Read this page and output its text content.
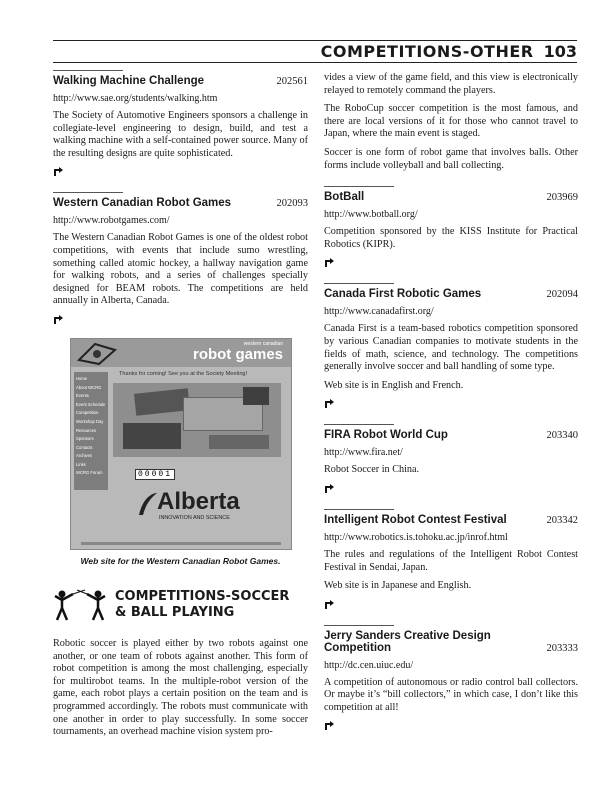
COMPETITIONS-OTHER 103
Walking Machine Challenge	202561
http://www.sae.org/students/walking.htm
The Society of Automotive Engineers sponsors a challenge in collegiate-level engineering to design, build, and test a walking machine with a self-contained power source. Many of the resulting designs are quite sophisticated.
Western Canadian Robot Games	202093
http://www.robotgames.com/
The Western Canadian Robot Games is one of the oldest robot competitions, with events that include sumo wrestling, something called atomic hockey, a hallway navigation game for walking robots, and a series of challenges specially designed for BEAM robots. The competitions are held annually in Alberta, Canada.
western canadian
robot games
Home
About WCRG
Events
Event Schedule
Competition
Workshop Day
Resources
Sponsors
Contacts
Archives
Links
WCRG Forum
Thanks for coming! See you at the Society Meeting!
00001
Alberta
INNOVATION AND SCIENCE
Web site for the Western Canadian Robot Games.
COMPETITIONS-SOCCER
& BALL PLAYING
Robotic soccer is played either by two robots against one another, or one team of robots against another. This form of robot competition is among the most challenging, especially for multirobot teams. In the multiple-robot version of the game, each robot plays a certain position on the team and is programmed accordingly. The robots must communicate with one another in order to play successfully. In some soccer tournaments, an overhead machine vision system pro-
vides a view of the game field, and this view is electronically relayed to remotely command the players.
The RoboCup soccer competition is the most famous, and there are local versions of it for those who cannot travel to Japan, where the main event is staged.
Soccer is one form of robot game that involves balls. Other forms include volleyball and ball collecting.
BotBall	203969
http://www.botball.org/
Competition sponsored by the KISS Institute for Practical Robotics (KIPR).
Canada First Robotic Games	202094
http://www.canadafirst.org/
Canada First is a team-based robotics competition sponsored by various Canadian companies to motivate students in the fields of math, science, and technology. The competitions generally involve soccer and ball handling of some type.
Web site is in English and French.
FIRA Robot World Cup	203340
http://www.fira.net/
Robot Soccer in China.
Intelligent Robot Contest Festival	203342
http://www.robotics.is.tohoku.ac.jp/inrof.html
The rules and regulations of the Intelligent Robot Contest Festival in Sendai, Japan.
Web site is in Japanese and English.
Jerry Sanders Creative Design Competition	203333
http://dc.cen.uiuc.edu/
A competition of autonomous or radio control ball collectors. Or maybe it’s “bill collectors,” in which case, I don’t like this competition at all!
